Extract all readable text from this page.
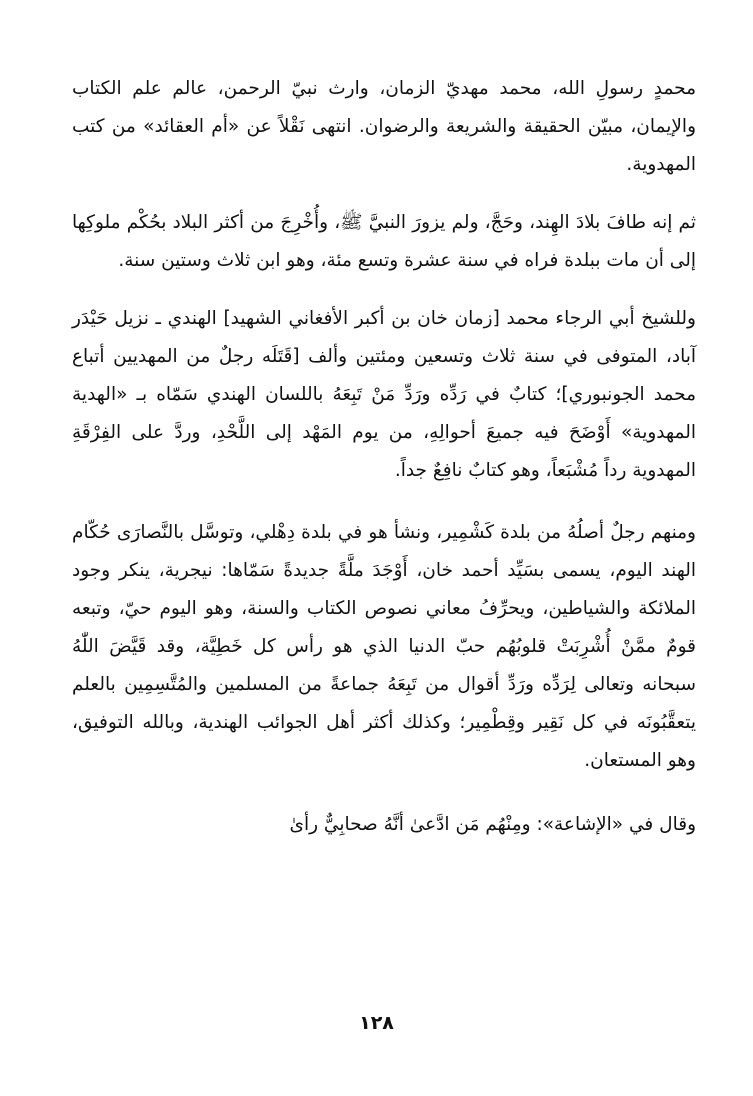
محمدٍ رسولِ الله، محمد مهديّ الزمان، وارث نبيّ الرحمن، عالم علم الكتاب والإيمان، مبيّن الحقيقة والشريعة والرضوان. انتهى نَقْلاً عن «أم العقائد» من كتب المهدوية.

ثم إنه طافَ بلادَ الهِند، وحَجَّ، ولم يزورَ النبيَّ ﷺ، وأُخْرِجَ من أكثر البلاد بحُكْم ملوكِها إلى أن مات ببلدة فراه في سنة عشرة وتسع مئة، وهو ابن ثلاث وستين سنة.

وللشيخ أبي الرجاء محمد [زمان خان بن أكبر الأفغاني الشهيد] الهندي ـ نزيل حَيْدَر آباد، المتوفى في سنة ثلاث وتسعين ومئتين وألف [قَتَلَه رجلٌ من المهديين أتباع محمد الجونبوري]؛ كتابٌ في رَدِّه ورَدِّ مَنْ تَبِعَهُ باللسان الهندي سَمّاه بـ «الهدية المهدوية» أَوْضَحَ فيه جميعَ أحوالِهِ، من يوم المَهْد إلى اللَّحْدِ، وردَّ على الفِرْقَةِ المهدوية رداً مُشْبَعاً، وهو كتابٌ نافِعٌ جداً.

ومنهم رجلٌ أصلُهُ من بلدة كَشْمِير، ونشأ هو في بلدة دِهْلي، وتوسَّل بالنَّصارَى حُكّام الهند اليوم، يسمى بسَيِّد أحمد خان، أَوْجَدَ ملَّةً جديدةً سَمّاها: نيجرية، ينكر وجود الملائكة والشياطين، ويحرِّفُ معاني نصوص الكتاب والسنة، وهو اليوم حيّ، وتبعه قومٌ ممَّنْ أُشْرِبَتْ قلوبُهُم حبّ الدنيا الذي هو رأس كل خَطِيَّة، وقد قَيَّضَ اللّٰهُ سبحانه وتعالى لِرَدِّه ورَدِّ أقوال من تَبِعَهُ جماعةً من المسلمين والمُتَّسِمِين بالعلم يتعقَّبُونَه في كل نَقِير وقِطْمِير؛ وكذلك أكثر أهل الجوائب الهندية، وبالله التوفيق، وهو المستعان.

وقال في «الإشاعة»: ومِنْهُم مَن ادَّعىٰ أنَّهُ صحابِيٌّ رأىٰ

١٢٨
